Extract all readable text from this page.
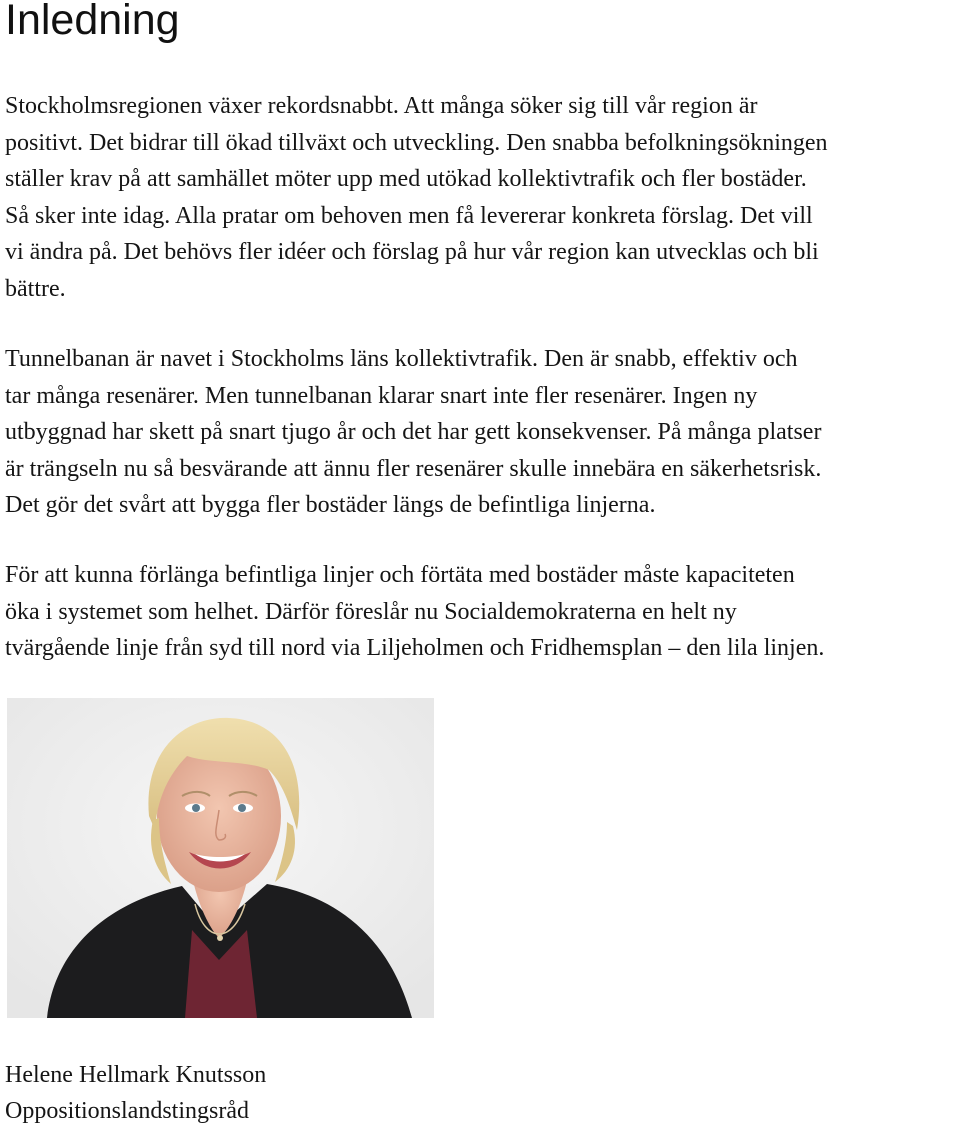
Inledning

Stockholmsregionen växer rekordsnabbt. Att många söker sig till vår region är
positivt. Det bidrar till ökad tillväxt och utveckling. Den snabba befolkningsökningen
ställer krav på att samhället möter upp med utökad kollektivtrafik och fler bostäder.
Så sker inte idag. Alla pratar om behoven men få levererar konkreta förslag. Det vill
vi ändra på. Det behövs fler idéer och förslag på hur vår region kan utvecklas och bli
bättre.

Tunnelbanan är navet i Stockholms läns kollektivtrafik. Den är snabb, effektiv och
tar många resenärer. Men tunnelbanan klarar snart inte fler resenärer. Ingen ny
utbyggnad har skett på snart tjugo år och det har gett konsekvenser. På många platser
är trängseln nu så besvärande att ännu fler resenärer skulle innebära en säkerhetsrisk.
Det gör det svårt att bygga fler bostäder längs de befintliga linjerna.

För att kunna förlänga befintliga linjer och förtäta med bostäder måste kapaciteten
öka i systemet som helhet. Därför föreslår nu Socialdemokraterna en helt ny
tvärgående linje från syd till nord via Liljeholmen och Fridhemsplan – den lila linjen.

Helene Hellmark Knutsson
Oppositionslandstingsråd
